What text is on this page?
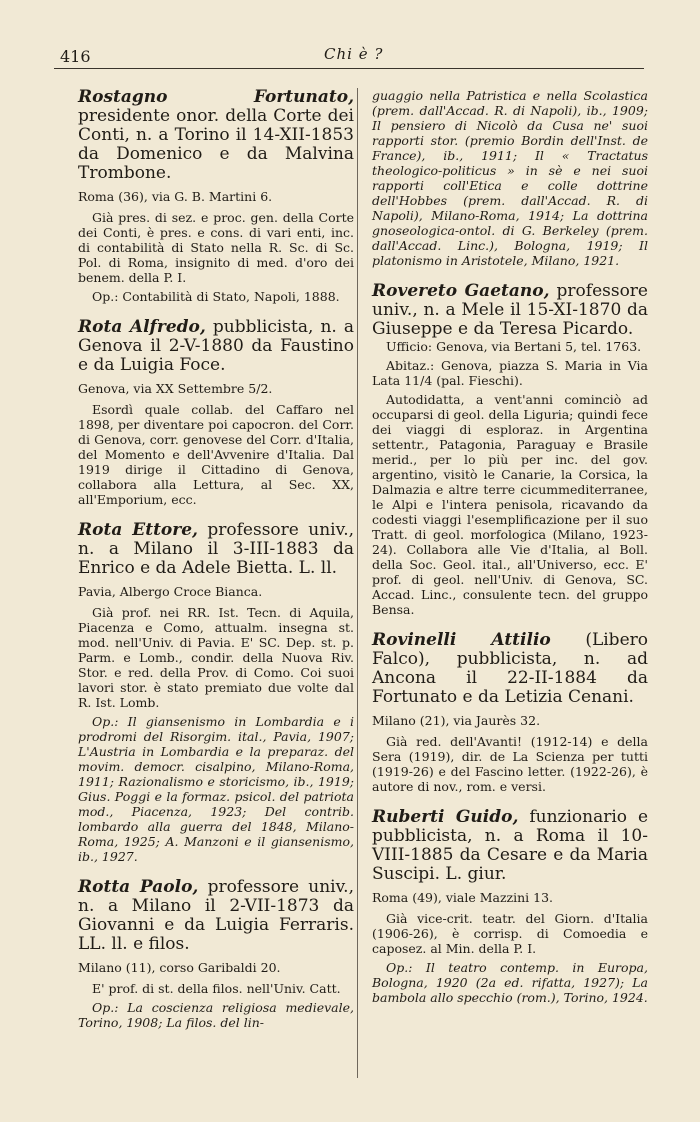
416	Chi è ?

Rostagno Fortunato, presidente onor. della Corte dei Conti, n. a Torino il 14-XII-1853 da Domenico e da Malvina Trombone.

Roma (36), via G. B. Martini 6.

Già pres. di sez. e proc. gen. della Corte dei Conti, è pres. e cons. di vari enti, inc. di contabilità di Stato nella R. Sc. di Sc. Pol. di Roma, insignito di med. d'oro dei benem. della P. I.

Op.: Contabilità di Stato, Napoli, 1888.

Rota Alfredo, pubblicista, n. a Genova il 2-V-1880 da Faustino e da Luigia Foce.

Genova, via XX Settembre 5/2.

Esordì quale collab. del Caffaro nel 1898, per diventare poi capocron. del Corr. di Genova, corr. genovese del Corr. d'Italia, del Momento e dell'Avvenire d'Italia. Dal 1919 dirige il Cittadino di Genova, collabora alla Lettura, al Sec. XX, all'Emporium, ecc.

Rota Ettore, professore univ., n. a Milano il 3-III-1883 da Enrico e da Adele Bietta. L. ll.

Pavia, Albergo Croce Bianca.

Già prof. nei RR. Ist. Tecn. di Aquila, Piacenza e Como, attualm. insegna st. mod. nell'Univ. di Pavia. E' SC. Dep. st. p. Parm. e Lomb., condir. della Nuova Riv. Stor. e red. della Prov. di Como. Coi suoi lavori stor. è stato premiato due volte dal R. Ist. Lomb.

Op.: Il giansenismo in Lombardia e i prodromi del Risorgim. ital., Pavia, 1907; L'Austria in Lombardia e la preparaz. del movim. democr. cisalpino, Milano-Roma, 1911; Razionalismo e storicismo, ib., 1919; Gius. Poggi e la formaz. psicol. del patriota mod., Piacenza, 1923; Del contrib. lombardo alla guerra del 1848, Milano-Roma, 1925; A. Manzoni e il giansenismo, ib., 1927.

Rotta Paolo, professore univ., n. a Milano il 2-VII-1873 da Giovanni e da Luigia Ferraris. LL. ll. e filos.

Milano (11), corso Garibaldi 20.

E' prof. di st. della filos. nell'Univ. Catt.

Op.: La coscienza religiosa medievale, Torino, 1908; La filos. del lin-

guaggio nella Patristica e nella Scolastica (prem. dall'Accad. R. di Napoli), ib., 1909; Il pensiero di Nicolò da Cusa ne' suoi rapporti stor. (premio Bordin dell'Inst. de France), ib., 1911; Il « Tractatus theologico-politicus » in sè e nei suoi rapporti coll'Etica e colle dottrine dell'Hobbes (prem. dall'Accad. R. di Napoli), Milano-Roma, 1914; La dottrina gnoseologica-ontol. di G. Berkeley (prem. dall'Accad. Linc.), Bologna, 1919; Il platonismo in Aristotele, Milano, 1921.

Rovereto Gaetano, professore univ., n. a Mele il 15-XI-1870 da Giuseppe e da Teresa Picardo.

Ufficio: Genova, via Bertani 5, tel. 1763.

Abitaz.: Genova, piazza S. Maria in Via Lata 11/4 (pal. Fieschi).

Autodidatta, a vent'anni cominciò ad occuparsi di geol. della Liguria; quindi fece dei viaggi di esploraz. in Argentina settentr., Patagonia, Paraguay e Brasile merid., per lo più per inc. del gov. argentino, visitò le Canarie, la Corsica, la Dalmazia e altre terre cicummediterranee, le Alpi e l'intera penisola, ricavando da codesti viaggi l'esemplificazione per il suo Tratt. di geol. morfologica (Milano, 1923-24). Collabora alle Vie d'Italia, al Boll. della Soc. Geol. ital., all'Universo, ecc. E' prof. di geol. nell'Univ. di Genova, SC. Accad. Linc., consulente tecn. del gruppo Bensa.

Rovinelli Attilio (Libero Falco), pubblicista, n. ad Ancona il 22-II-1884 da Fortunato e da Letizia Cenani.

Milano (21), via Jaurès 32.

Già red. dell'Avanti! (1912-14) e della Sera (1919), dir. de La Scienza per tutti (1919-26) e del Fascino letter. (1922-26), è autore di nov., rom. e versi.

Ruberti Guido, funzionario e pubblicista, n. a Roma il 10-VIII-1885 da Cesare e da Maria Suscipi. L. giur.

Roma (49), viale Mazzini 13.

Già vice-crit. teatr. del Giorn. d'Italia (1906-26), è corrisp. di Comoedia e caposez. al Min. della P. I.

Op.: Il teatro contemp. in Europa, Bologna, 1920 (2a ed. rifatta, 1927); La bambola allo specchio (rom.), Torino, 1924.
